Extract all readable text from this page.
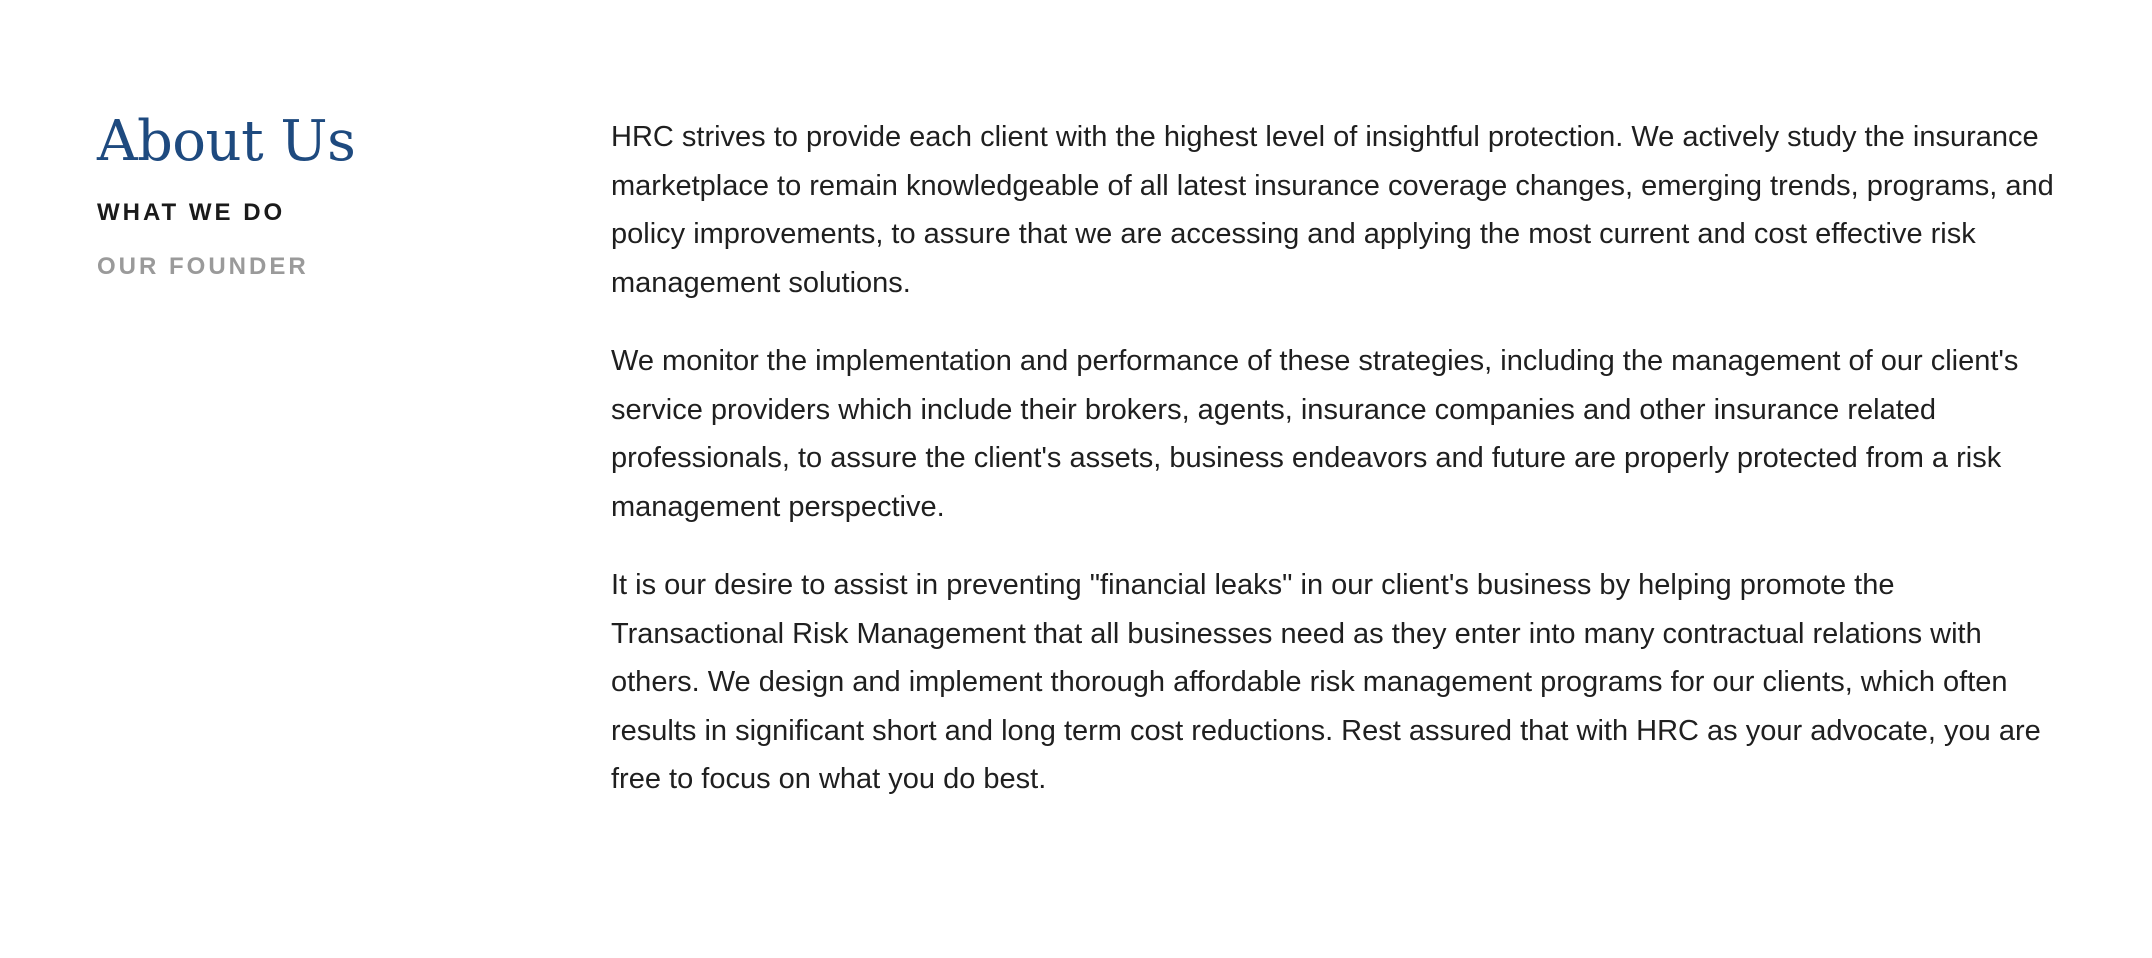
About Us
WHAT WE DO
OUR FOUNDER

HRC strives to provide each client with the highest level of insightful protection. We actively study the insurance marketplace to remain knowledgeable of all latest insurance coverage changes, emerging trends, programs, and policy improvements, to assure that we are accessing and applying the most current and cost effective risk management solutions.

We monitor the implementation and performance of these strategies, including the management of our client's service providers which include their brokers, agents, insurance companies and other insurance related professionals, to assure the client's assets, business endeavors and future are properly protected from a risk management perspective.

It is our desire to assist in preventing "financial leaks" in our client's business by helping promote the Transactional Risk Management that all businesses need as they enter into many contractual relations with others. We design and implement thorough affordable risk management programs for our clients, which often results in significant short and long term cost reductions. Rest assured that with HRC as your advocate, you are free to focus on what you do best.
